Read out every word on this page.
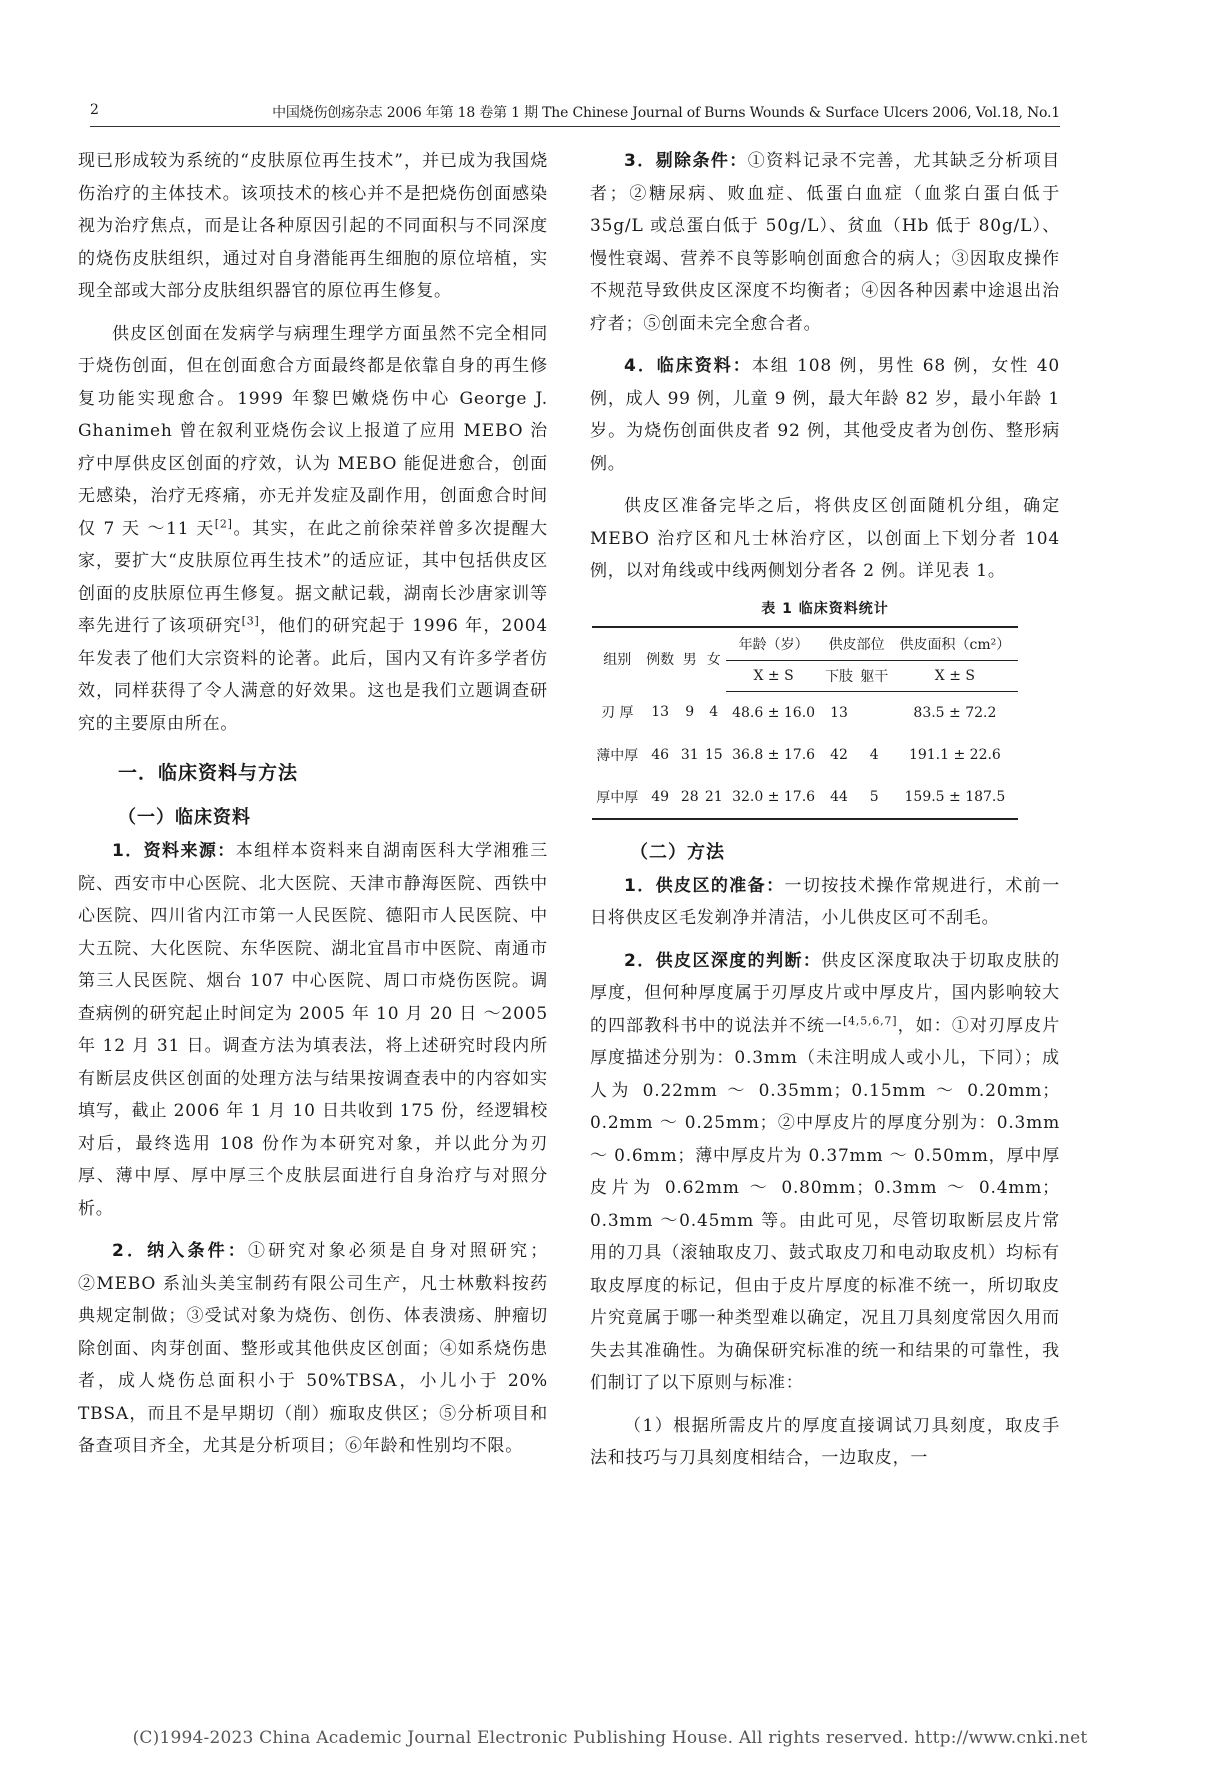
2	中国烧伤创疡杂志 2006 年第 18 卷第 1 期 The Chinese Journal of Burns Wounds & Surface Ulcers 2006, Vol.18, No.1

现已形成较为系统的“皮肤原位再生技术”，并已成为我国烧伤治疗的主体技术。该项技术的核心并不是把烧伤创面感染视为治疗焦点，而是让各种原因引起的不同面积与不同深度的烧伤皮肤组织，通过对自身潜能再生细胞的原位培植，实现全部或大部分皮肤组织器官的原位再生修复。

供皮区创面在发病学与病理生理学方面虽然不完全相同于烧伤创面，但在创面愈合方面最终都是依靠自身的再生修复功能实现愈合。1999 年黎巴嫩烧伤中心 George J. Ghanimeh 曾在叙利亚烧伤会议上报道了应用 MEBO 治疗中厚供皮区创面的疗效，认为 MEBO 能促进愈合，创面无感染，治疗无疼痛，亦无并发症及副作用，创面愈合时间仅 7 天 ～11 天[2]。其实，在此之前徐荣祥曾多次提醒大家，要扩大“皮肤原位再生技术”的适应证，其中包括供皮区创面的皮肤原位再生修复。据文献记载，湖南长沙唐家训等率先进行了该项研究[3]，他们的研究起于 1996 年，2004 年发表了他们大宗资料的论著。此后，国内又有许多学者仿效，同样获得了令人满意的好效果。这也是我们立题调查研究的主要原由所在。

一．临床资料与方法
（一）临床资料

1．资料来源：本组样本资料来自湖南医科大学湘雅三院、西安市中心医院、北大医院、天津市静海医院、西铁中心医院、四川省内江市第一人民医院、德阳市人民医院、中大五院、大化医院、东华医院、湖北宜昌市中医院、南通市第三人民医院、烟台 107 中心医院、周口市烧伤医院。调查病例的研究起止时间定为 2005 年 10 月 20 日 ～2005 年 12 月 31 日。调查方法为填表法，将上述研究时段内所有断层皮供区创面的处理方法与结果按调查表中的内容如实填写，截止 2006 年 1 月 10 日共收到 175 份，经逻辑校对后，最终选用 108 份作为本研究对象，并以此分为刃厚、薄中厚、厚中厚三个皮肤层面进行自身治疗与对照分析。

2．纳入条件：①研究对象必须是自身对照研究；②MEBO 系汕头美宝制药有限公司生产，凡士林敷料按药典规定制做；③受试对象为烧伤、创伤、体表溃疡、肿瘤切除创面、肉芽创面、整形或其他供皮区创面；④如系烧伤患者，成人烧伤总面积小于 50%TBSA，小儿小于 20% TBSA，而且不是早期切（削）痂取皮供区；⑤分析项目和备查项目齐全，尤其是分析项目；⑥年龄和性别均不限。

3．剔除条件：①资料记录不完善，尤其缺乏分析项目者；②糖尿病、败血症、低蛋白血症（血浆白蛋白低于 35g/L 或总蛋白低于 50g/L）、贫血（Hb 低于 80g/L）、慢性衰竭、营养不良等影响创面愈合的病人；③因取皮操作不规范导致供皮区深度不均衡者；④因各种因素中途退出治疗者；⑤创面未完全愈合者。

4．临床资料：本组 108 例，男性 68 例，女性 40 例，成人 99 例，儿童 9 例，最大年龄 82 岁，最小年龄 1 岁。为烧伤创面供皮者 92 例，其他受皮者为创伤、整形病例。

供皮区准备完毕之后，将供皮区创面随机分组，确定 MEBO 治疗区和凡士林治疗区，以创面上下划分者 104 例，以对角线或中线两侧划分者各 2 例。详见表 1。

表 1 临床资料统计
组别	例数	男	女	年龄（岁）	供皮部位		供皮面积（cm²）
				X ± S	下肢	躯干	X ± S
刃 厚	13	9	4	48.6 ± 16.0	13		83.5 ± 72.2
薄中厚	46	31	15	36.8 ± 17.6	42	4	191.1 ± 22.6
厚中厚	49	28	21	32.0 ± 17.6	44	5	159.5 ± 187.5
（二）方法

1．供皮区的准备：一切按技术操作常规进行，术前一日将供皮区毛发剃净并清洁，小儿供皮区可不刮毛。

2．供皮区深度的判断：供皮区深度取决于切取皮肤的厚度，但何种厚度属于刃厚皮片或中厚皮片，国内影响较大的四部教科书中的说法并不统一[4,5,6,7]，如：①对刃厚皮片厚度描述分别为：0.3mm（未注明成人或小儿，下同）；成人为 0.22mm ～ 0.35mm；0.15mm ～ 0.20mm；0.2mm ～ 0.25mm；②中厚皮片的厚度分别为：0.3mm ～ 0.6mm；薄中厚皮片为 0.37mm ～ 0.50mm，厚中厚皮片为 0.62mm ～ 0.80mm；0.3mm ～ 0.4mm；0.3mm ～0.45mm 等。由此可见，尽管切取断层皮片常用的刀具（滚轴取皮刀、鼓式取皮刀和电动取皮机）均标有取皮厚度的标记，但由于皮片厚度的标准不统一，所切取皮片究竟属于哪一种类型难以确定，况且刀具刻度常因久用而失去其准确性。为确保研究标准的统一和结果的可靠性，我们制订了以下原则与标准：

（1）根据所需皮片的厚度直接调试刀具刻度，取皮手法和技巧与刀具刻度相结合，一边取皮，一

(C)1994-2023 China Academic Journal Electronic Publishing House. All rights reserved. http://www.cnki.net
